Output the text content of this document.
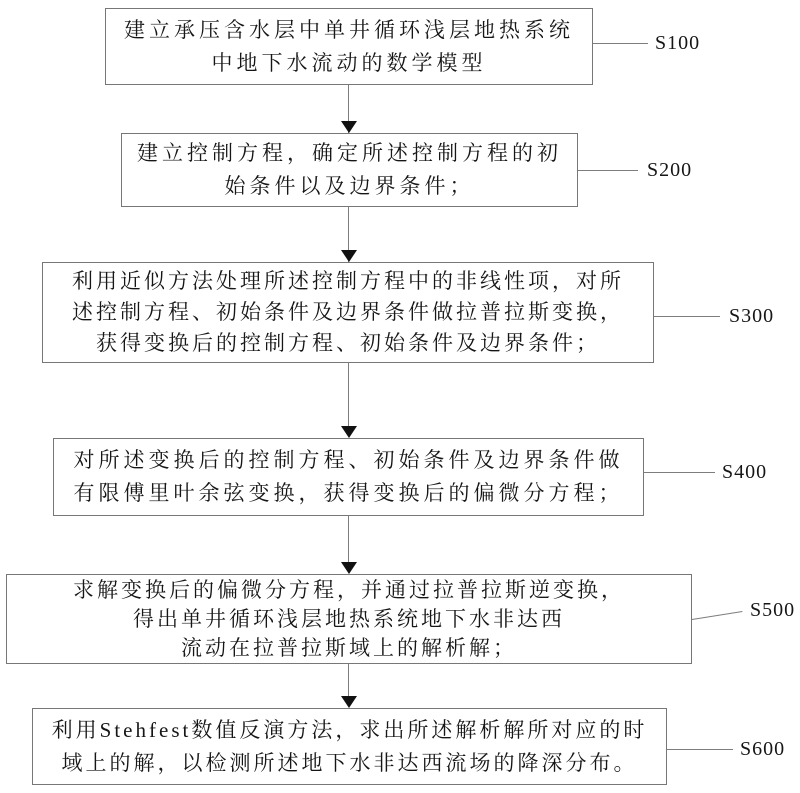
建立承压含水层中单井循环浅层地热系统
中地下水流动的数学模型
S100
建立控制方程，确定所述控制方程的初
始条件以及边界条件；
S200
利用近似方法处理所述控制方程中的非线性项，对所
述控制方程、初始条件及边界条件做拉普拉斯变换，
获得变换后的控制方程、初始条件及边界条件；
S300
对所述变换后的控制方程、初始条件及边界条件做
有限傅里叶余弦变换，获得变换后的偏微分方程；
S400
求解变换后的偏微分方程，并通过拉普拉斯逆变换，
得出单井循环浅层地热系统地下水非达西
流动在拉普拉斯域上的解析解；
S500
利用Stehfest数值反演方法，求出所述解析解所对应的时
域上的解，以检测所述地下水非达西流场的降深分布。
S600
